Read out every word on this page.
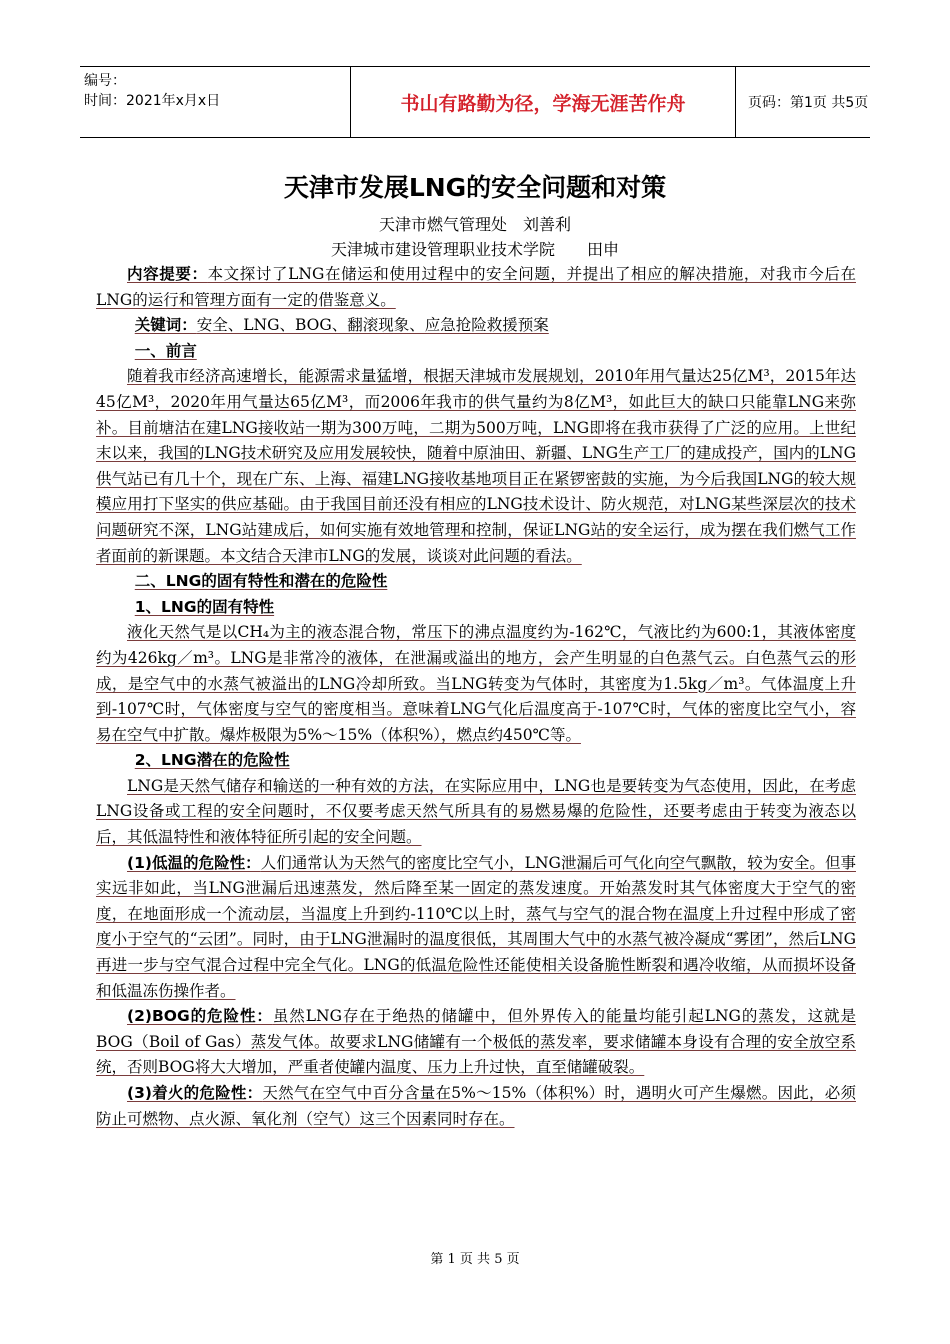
编号：
时间：2021年x月x日	书山有路勤为径，学海无涯苦作舟	页码：第1页 共5页
天津市发展LNG的安全问题和对策
天津市燃气管理处　刘善利
天津城市建设管理职业技术学院　　田申

内容提要：本文探讨了LNG在储运和使用过程中的安全问题，并提出了相应的解决措施，对我市今后在LNG的运行和管理方面有一定的借鉴意义。

关键词：安全、LNG、BOG、翻滚现象、应急抢险救援预案

一、前言

随着我市经济高速增长，能源需求量猛增，根据天津城市发展规划，2010年用气量达25亿M³，2015年达45亿M³，2020年用气量达65亿M³，而2006年我市的供气量约为8亿M³，如此巨大的缺口只能靠LNG来弥补。目前塘沽在建LNG接收站一期为300万吨，二期为500万吨，LNG即将在我市获得了广泛的应用。上世纪末以来，我国的LNG技术研究及应用发展较快，随着中原油田、新疆、LNG生产工厂的建成投产，国内的LNG供气站已有几十个，现在广东、上海、福建LNG接收基地项目正在紧锣密鼓的实施，为今后我国LNG的较大规模应用打下坚实的供应基础。由于我国目前还没有相应的LNG技术设计、防火规范，对LNG某些深层次的技术问题研究不深，LNG站建成后，如何实施有效地管理和控制，保证LNG站的安全运行，成为摆在我们燃气工作者面前的新课题。本文结合天津市LNG的发展，谈谈对此问题的看法。

二、LNG的固有特性和潜在的危险性

1、LNG的固有特性

液化天然气是以CH₄为主的液态混合物，常压下的沸点温度约为-162℃，气液比约为600:1，其液体密度约为426kg／m³。LNG是非常冷的液体，在泄漏或溢出的地方，会产生明显的白色蒸气云。白色蒸气云的形成，是空气中的水蒸气被溢出的LNG冷却所致。当LNG转变为气体时，其密度为1.5kg／m³。气体温度上升到-107℃时，气体密度与空气的密度相当。意味着LNG气化后温度高于-107℃时，气体的密度比空气小，容易在空气中扩散。爆炸极限为5%～15%（体积%），燃点约450℃等。

2、LNG潜在的危险性

LNG是天然气储存和输送的一种有效的方法，在实际应用中，LNG也是要转变为气态使用，因此，在考虑LNG设备或工程的安全问题时，不仅要考虑天然气所具有的易燃易爆的危险性，还要考虑由于转变为液态以后，其低温特性和液体特征所引起的安全问题。

(1)低温的危险性：人们通常认为天然气的密度比空气小，LNG泄漏后可气化向空气飘散，较为安全。但事实远非如此，当LNG泄漏后迅速蒸发，然后降至某一固定的蒸发速度。开始蒸发时其气体密度大于空气的密度，在地面形成一个流动层，当温度上升到约-110℃以上时，蒸气与空气的混合物在温度上升过程中形成了密度小于空气的“云团”。同时，由于LNG泄漏时的温度很低，其周围大气中的水蒸气被冷凝成“雾团”，然后LNG再进一步与空气混合过程中完全气化。LNG的低温危险性还能使相关设备脆性断裂和遇冷收缩，从而损坏设备和低温冻伤操作者。

(2)BOG的危险性：虽然LNG存在于绝热的储罐中，但外界传入的能量均能引起LNG的蒸发，这就是BOG（Boil of Gas）蒸发气体。故要求LNG储罐有一个极低的蒸发率，要求储罐本身设有合理的安全放空系统，否则BOG将大大增加，严重者使罐内温度、压力上升过快，直至储罐破裂。

(3)着火的危险性：天然气在空气中百分含量在5%～15%（体积%）时，遇明火可产生爆燃。因此，必须防止可燃物、点火源、氧化剂（空气）这三个因素同时存在。

第 1 页 共 5 页
